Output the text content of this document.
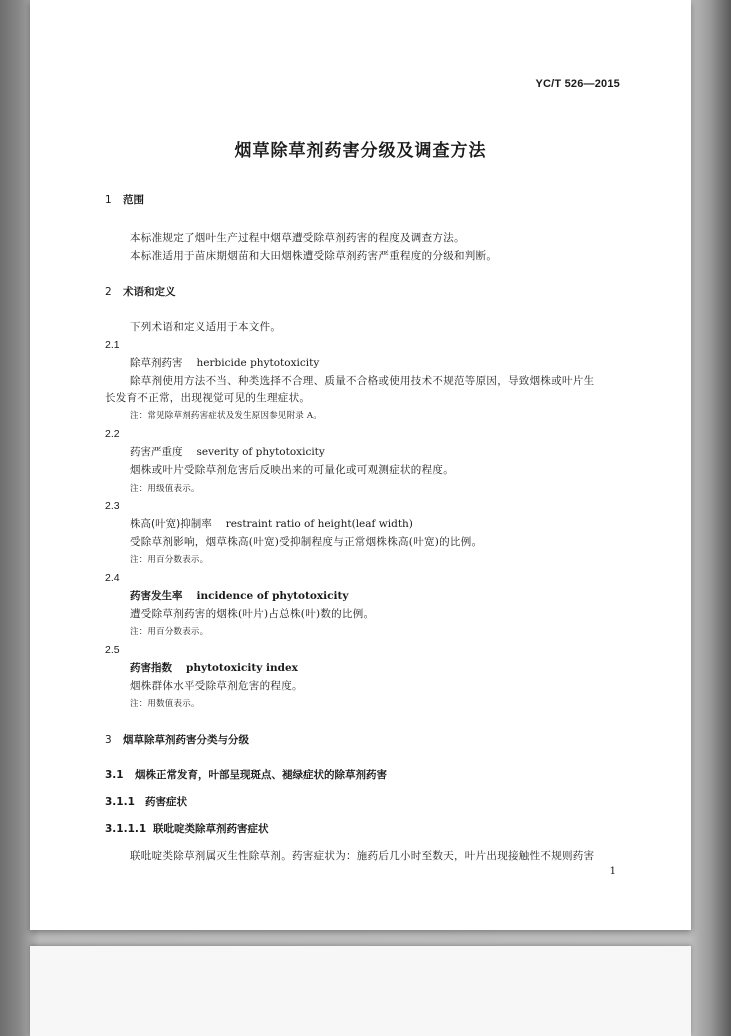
YC/T 526—2015
烟草除草剂药害分级及调查方法
1 范围
本标准规定了烟叶生产过程中烟草遭受除草剂药害的程度及调查方法。
本标准适用于苗床期烟苗和大田烟株遭受除草剂药害严重程度的分级和判断。
2 术语和定义
下列术语和定义适用于本文件。
2.1
除草剂药害 herbicide phytotoxicity
除草剂使用方法不当、种类选择不合理、质量不合格或使用技术不规范等原因，导致烟株或叶片生
长发育不正常，出现视觉可见的生理症状。
注：常见除草剂药害症状及发生原因参见附录 A。
2.2
药害严重度 severity of phytotoxicity
烟株或叶片受除草剂危害后反映出来的可量化或可观测症状的程度。
注：用级值表示。
2.3
株高(叶宽)抑制率 restraint ratio of height(leaf width)
受除草剂影响，烟草株高(叶宽)受抑制程度与正常烟株株高(叶宽)的比例。
注：用百分数表示。
2.4
药害发生率 incidence of phytotoxicity
遭受除草剂药害的烟株(叶片)占总株(叶)数的比例。
注：用百分数表示。
2.5
药害指数 phytotoxicity index
烟株群体水平受除草剂危害的程度。
注：用数值表示。
3 烟草除草剂药害分类与分级
3.1 烟株正常发育，叶部呈现斑点、褪绿症状的除草剂药害
3.1.1 药害症状
3.1.1.1 联吡啶类除草剂药害症状
联吡啶类除草剂属灭生性除草剂。药害症状为：施药后几小时至数天，叶片出现接触性不规则药害
1
